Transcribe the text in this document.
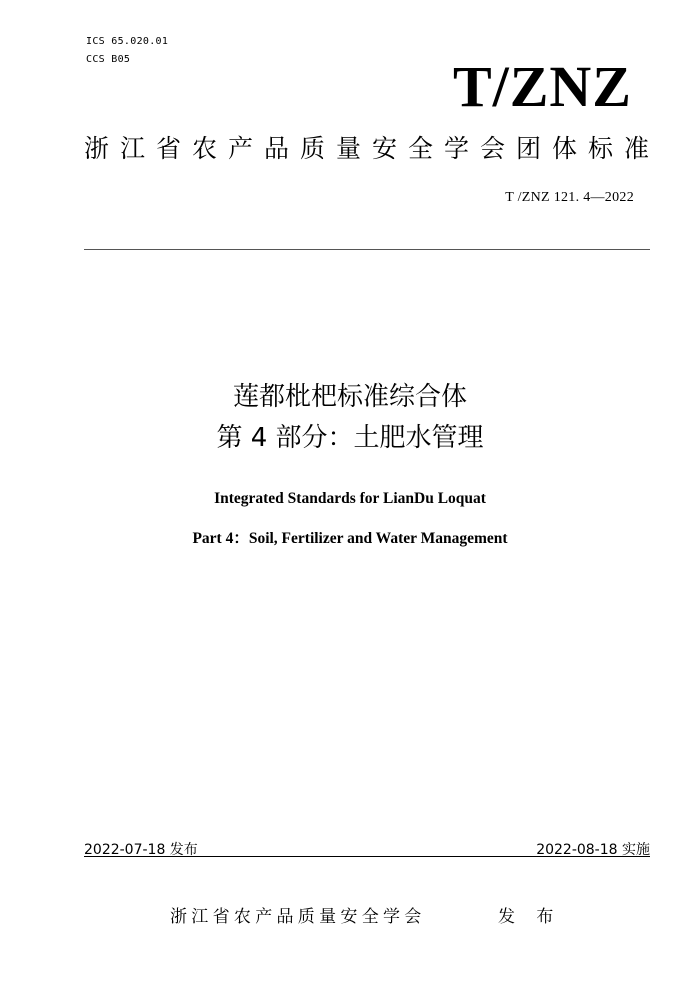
ICS 65.020.01
CCS B05	T/ZNZ
浙江省农产品质量安全学会团体标准
T /ZNZ 121. 4—2022
莲都枇杷标准综合体
第 4 部分：土肥水管理
Integrated Standards for LianDu Loquat
Part 4：Soil, Fertilizer and Water Management
2022-07-18 发布	2022-08-18 实施
浙江省农产品质量安全学会	发 布
